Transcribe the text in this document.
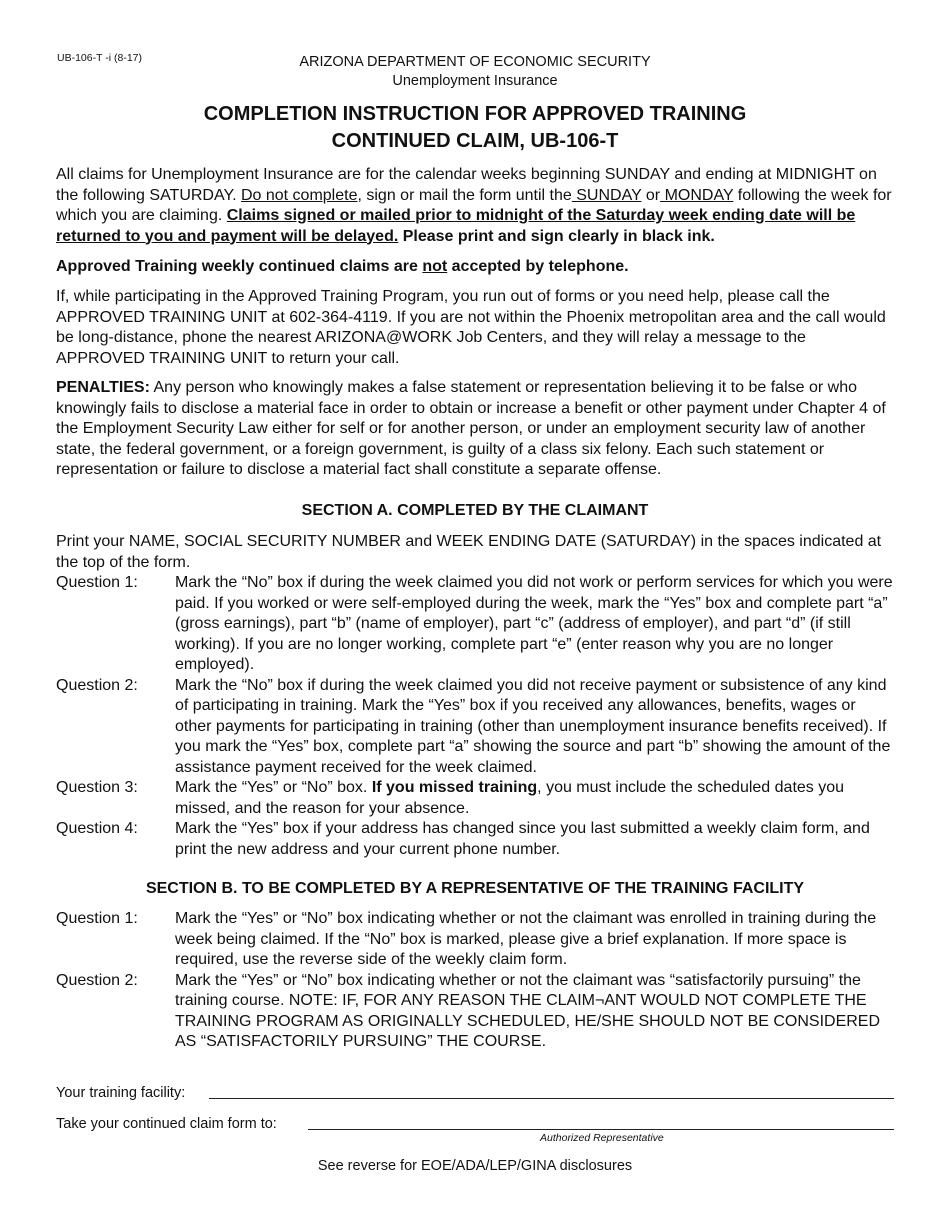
UB-106-T -i (8-17)	ARIZONA DEPARTMENT OF ECONOMIC SECURITY
Unemployment Insurance
COMPLETION INSTRUCTION FOR APPROVED TRAINING
CONTINUED CLAIM, UB-106-T

All claims for Unemployment Insurance are for the calendar weeks beginning SUNDAY and ending at MIDNIGHT on the following SATURDAY. Do not complete, sign or mail the form until the SUNDAY or MONDAY following the week for which you are claiming. Claims signed or mailed prior to midnight of the Saturday week ending date will be returned to you and payment will be delayed. Please print and sign clearly in black ink.

Approved Training weekly continued claims are not accepted by telephone.

If, while participating in the Approved Training Program, you run out of forms or you need help, please call the APPROVED TRAINING UNIT at 602-364-4119. If you are not within the Phoenix metropolitan area and the call would be long-distance, phone the nearest ARIZONA@WORK Job Centers, and they will relay a message to the APPROVED TRAINING UNIT to return your call.

PENALTIES: Any person who knowingly makes a false statement or representation believing it to be false or who knowingly fails to disclose a material face in order to obtain or increase a benefit or other payment under Chapter 4 of the Employment Security Law either for self or for another person, or under an employment security law of another state, the federal government, or a foreign government, is guilty of a class six felony. Each such statement or representation or failure to disclose a material fact shall constitute a separate offense.

SECTION A. COMPLETED BY THE CLAIMANT

Print your NAME, SOCIAL SECURITY NUMBER and WEEK ENDING DATE (SATURDAY) in the spaces indicated at the top of the form.

Question 1:	Mark the “No” box if during the week claimed you did not work or perform services for which you were paid. If you worked or were self-employed during the week, mark the “Yes” box and complete part “a” (gross earnings), part “b” (name of employer), part “c” (address of employer), and part “d” (if still working). If you are no longer working, complete part “e” (enter reason why you are no longer employed).
Question 2:	Mark the “No” box if during the week claimed you did not receive payment or subsistence of any kind of participating in training. Mark the “Yes” box if you received any allowances, benefits, wages or other payments for participating in training (other than unemployment insurance benefits received). If you mark the “Yes” box, complete part “a” showing the source and part “b” showing the amount of the assistance payment received for the week claimed.
Question 3:	Mark the “Yes” or “No” box. If you missed training, you must include the scheduled dates you missed, and the reason for your absence.
Question 4:	Mark the “Yes” box if your address has changed since you last submitted a weekly claim form, and print the new address and your current phone number.
SECTION B. TO BE COMPLETED BY A REPRESENTATIVE OF THE TRAINING FACILITY
Question 1:	Mark the “Yes” or “No” box indicating whether or not the claimant was enrolled in training during the week being claimed. If the “No” box is marked, please give a brief explanation. If more space is required, use the reverse side of the weekly claim form.
Question 2:	Mark the “Yes” or “No” box indicating whether or not the claimant was “satisfactorily pursuing” the training course. NOTE: IF, FOR ANY REASON THE CLAIM¬ANT WOULD NOT COMPLETE THE TRAINING PROGRAM AS ORIGINALLY SCHEDULED, HE/SHE SHOULD NOT BE CONSIDERED AS “SATISFACTORILY PURSUING” THE COURSE.
Your training facility:
Take your continued claim form to:
Authorized Representative
See reverse for EOE/ADA/LEP/GINA disclosures
